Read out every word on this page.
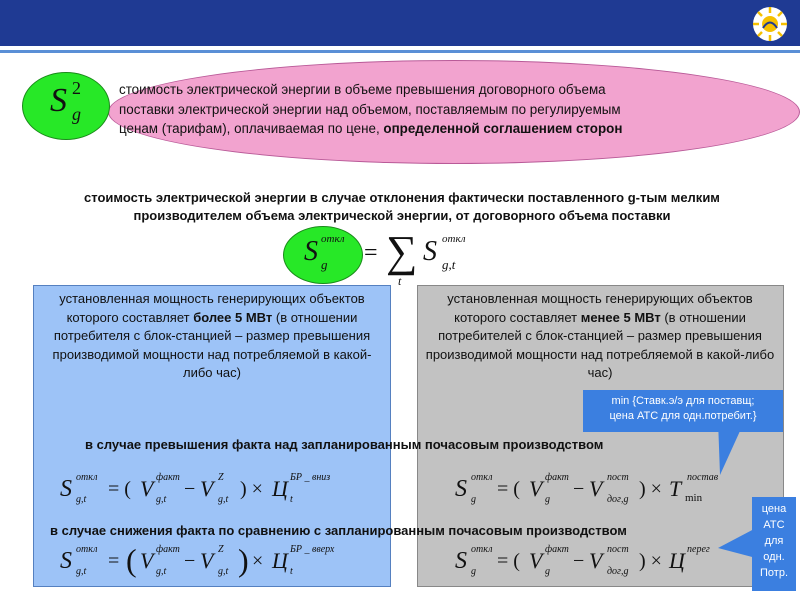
стоимость электрической энергии в объеме превышения договорного объема
поставки электрической энергии над объемом, поставляемым по регулируемым
ценам (тарифам), оплачиваемая по цене, определенной соглашением сторон
S 2
g
стоимость электрической энергии в случае отклонения фактически поставленного g-тым мелким
производителем объема электрической энергии, от договорного объема поставки
S откл
g = ∑
t
S откл
g,t
установленная мощность генерирующих объектов которого составляет более 5 МВт (в отношении потребителя с блок-станцией – размер превышения производимой мощности над потребляемой в какой-либо час)
установленная мощность генерирующих объектов которого составляет менее 5 МВт (в отношении потребителей с блок-станцией – размер превышения производимой мощности над потребляемой в какой-либо час)
в случае превышения факта над запланированным почасовым производством
в случае снижения факта по сравнению с запланированным почасовым производством
S откл
g,t = ( V факт
g,t − V Z
g,t ) × Ц БР _ вниз
t
S откл
g,t = ( V факт
g,t − V Z
g,t ) × Ц БР _ вверх
t
S откл
g = ( V факт
g − V пост
дог,g ) × T постав
min
S откл
g = ( V факт
g − V пост
дог,g ) × Ц перег
min {Ставк.э/э для поставщ;
цена АТС для одн.потребит.}
цена
АТС
для
одн.
Потр.
